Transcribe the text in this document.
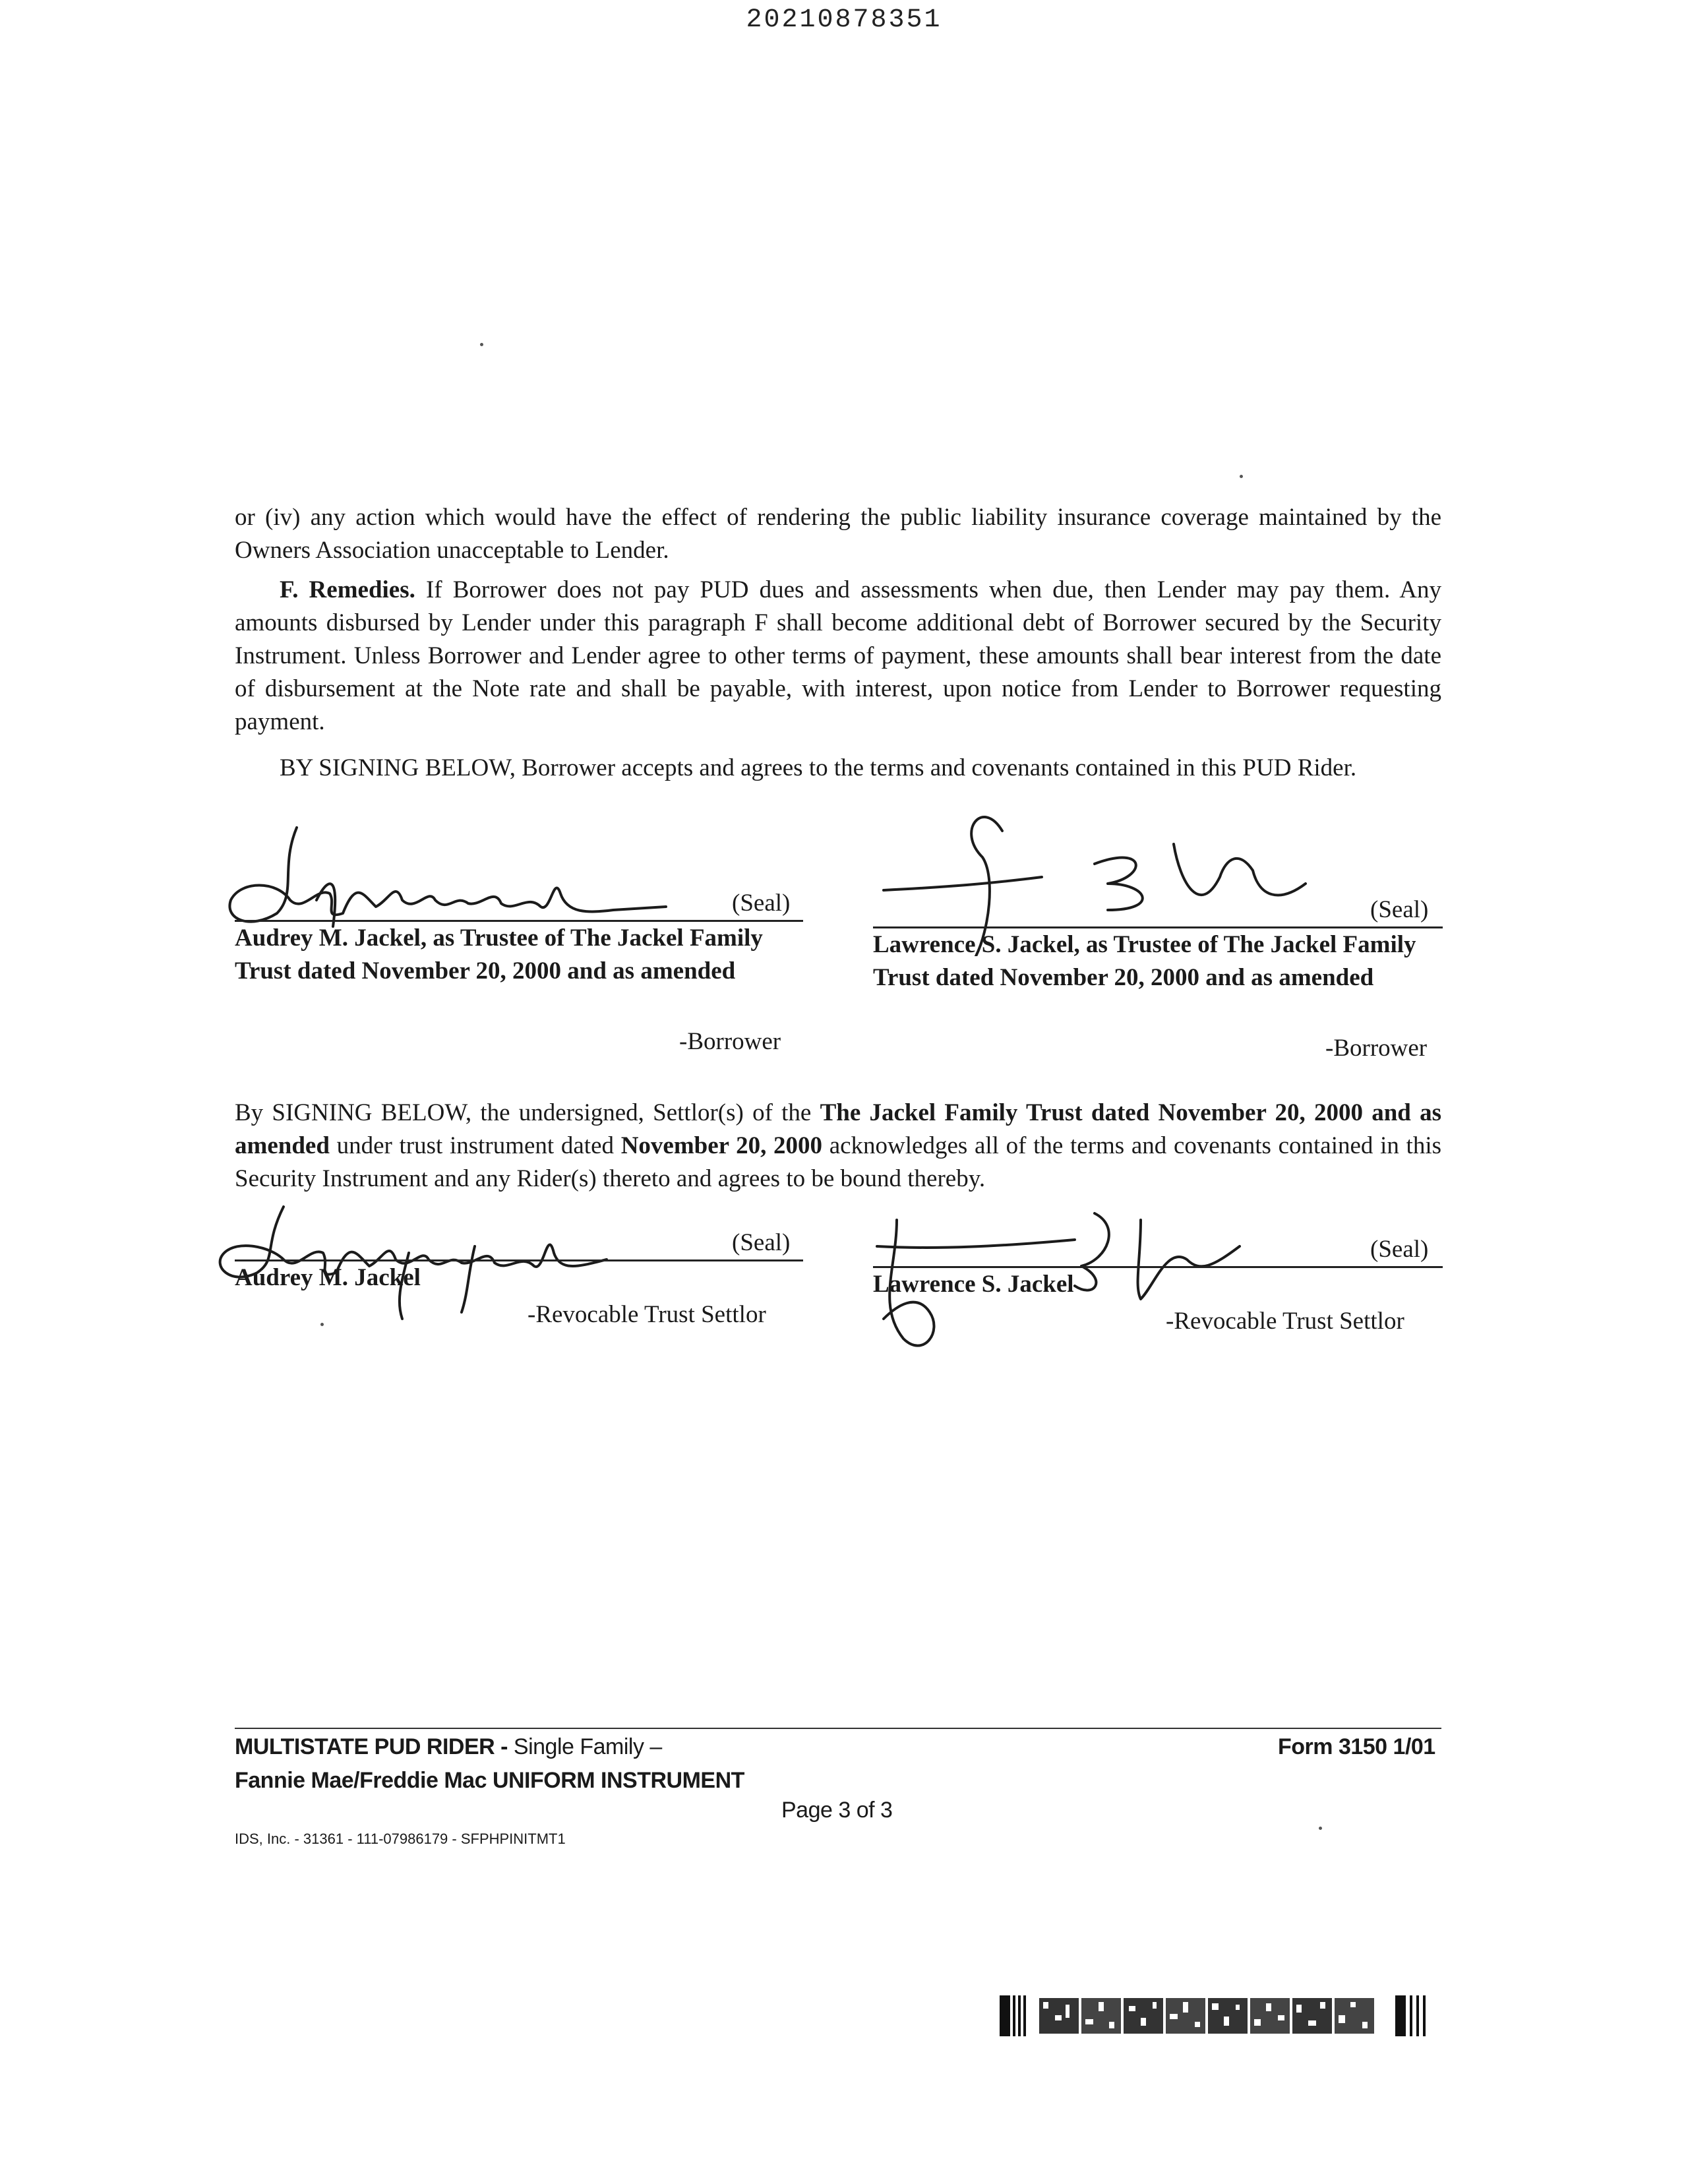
20210878351
or (iv) any action which would have the effect of rendering the public liability insurance coverage maintained by the Owners Association unacceptable to Lender.
F. Remedies. If Borrower does not pay PUD dues and assessments when due, then Lender may pay them. Any amounts disbursed by Lender under this paragraph F shall become additional debt of Borrower secured by the Security Instrument. Unless Borrower and Lender agree to other terms of payment, these amounts shall bear interest from the date of disbursement at the Note rate and shall be payable, with interest, upon notice from Lender to Borrower requesting payment.
BY SIGNING BELOW, Borrower accepts and agrees to the terms and covenants contained in this PUD Rider.
(Seal)
Audrey M. Jackel, as Trustee of The Jackel Family Trust dated November 20, 2000 and as amended
-Borrower
(Seal)
Lawrence S. Jackel, as Trustee of The Jackel Family Trust dated November 20, 2000 and as amended
-Borrower
By SIGNING BELOW, the undersigned, Settlor(s) of the The Jackel Family Trust dated November 20, 2000 and as amended under trust instrument dated November 20, 2000 acknowledges all of the terms and covenants contained in this Security Instrument and any Rider(s) thereto and agrees to be bound thereby.
(Seal)
Audrey M. Jackel
-Revocable Trust Settlor
(Seal)
Lawrence S. Jackel
-Revocable Trust Settlor
MULTISTATE PUD RIDER - Single Family –
Fannie Mae/Freddie Mac UNIFORM INSTRUMENT
Form 3150 1/01
Page 3 of 3
IDS, Inc. - 31361 - 111-07986179 - SFPHPINITMT1
